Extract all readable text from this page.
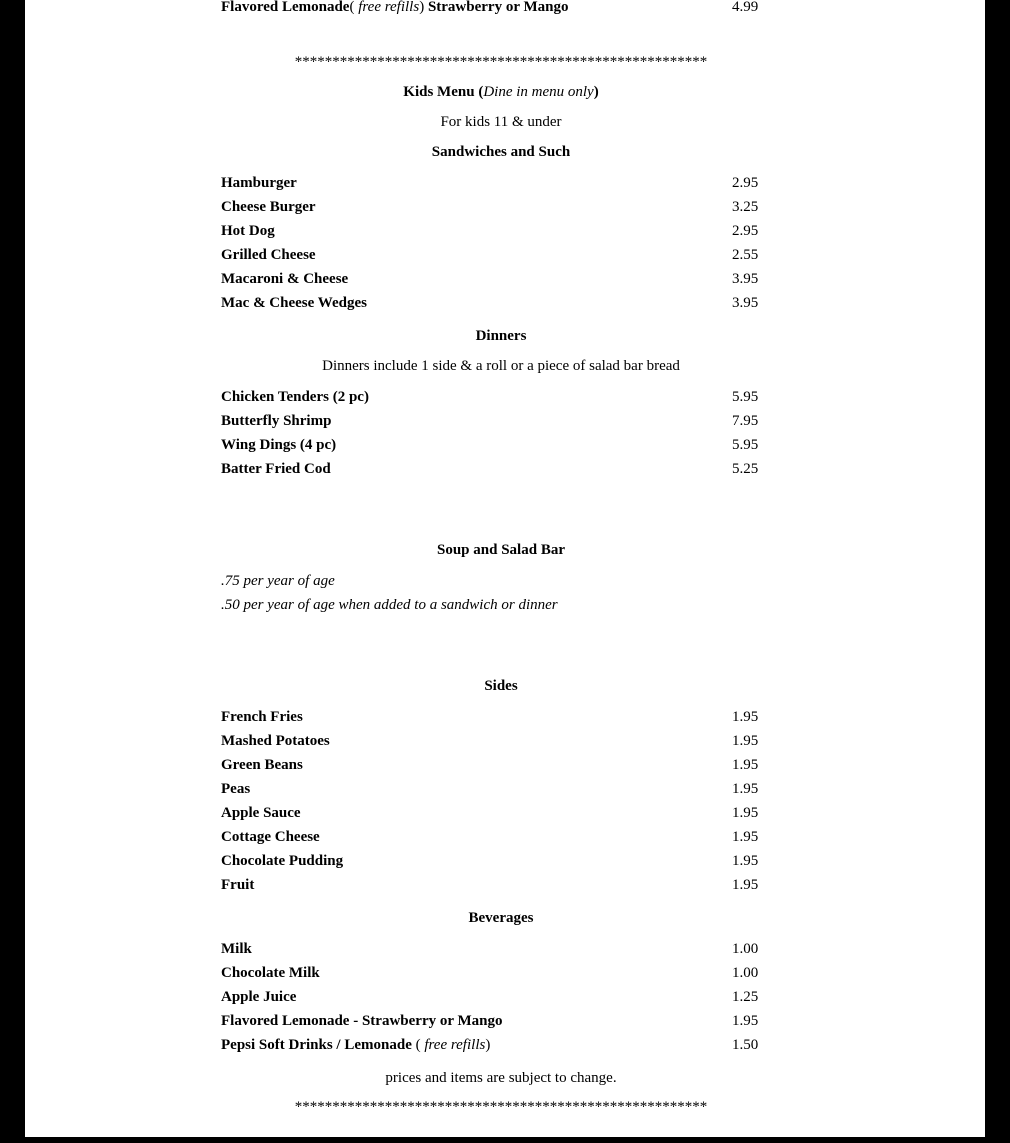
Flavored Lemonade( free refills) Strawberry or Mango	4.99
*******************************************************
Kids Menu (Dine in menu only)
For kids 11 & under
Sandwiches and Such
Hamburger	2.95
Cheese Burger	3.25
Hot Dog	2.95
Grilled Cheese	2.55
Macaroni & Cheese	3.95
Mac & Cheese Wedges	3.95
Dinners
Dinners include 1 side & a roll or a piece of salad bar bread
Chicken Tenders (2 pc)	5.95
Butterfly Shrimp	7.95
Wing Dings (4 pc)	5.95
Batter Fried Cod	5.25
Soup and Salad Bar
.75 per year of age
.50 per year of age when added to a sandwich or dinner
Sides
French Fries	1.95
Mashed Potatoes	1.95
Green Beans	1.95
Peas	1.95
Apple Sauce	1.95
Cottage Cheese	1.95
Chocolate Pudding	1.95
Fruit	1.95
Beverages
Milk	1.00
Chocolate Milk	1.00
Apple Juice	1.25
Flavored Lemonade - Strawberry or Mango	1.95
Pepsi Soft Drinks / Lemonade ( free refills)	1.50
prices and items are subject to change.
*******************************************************
